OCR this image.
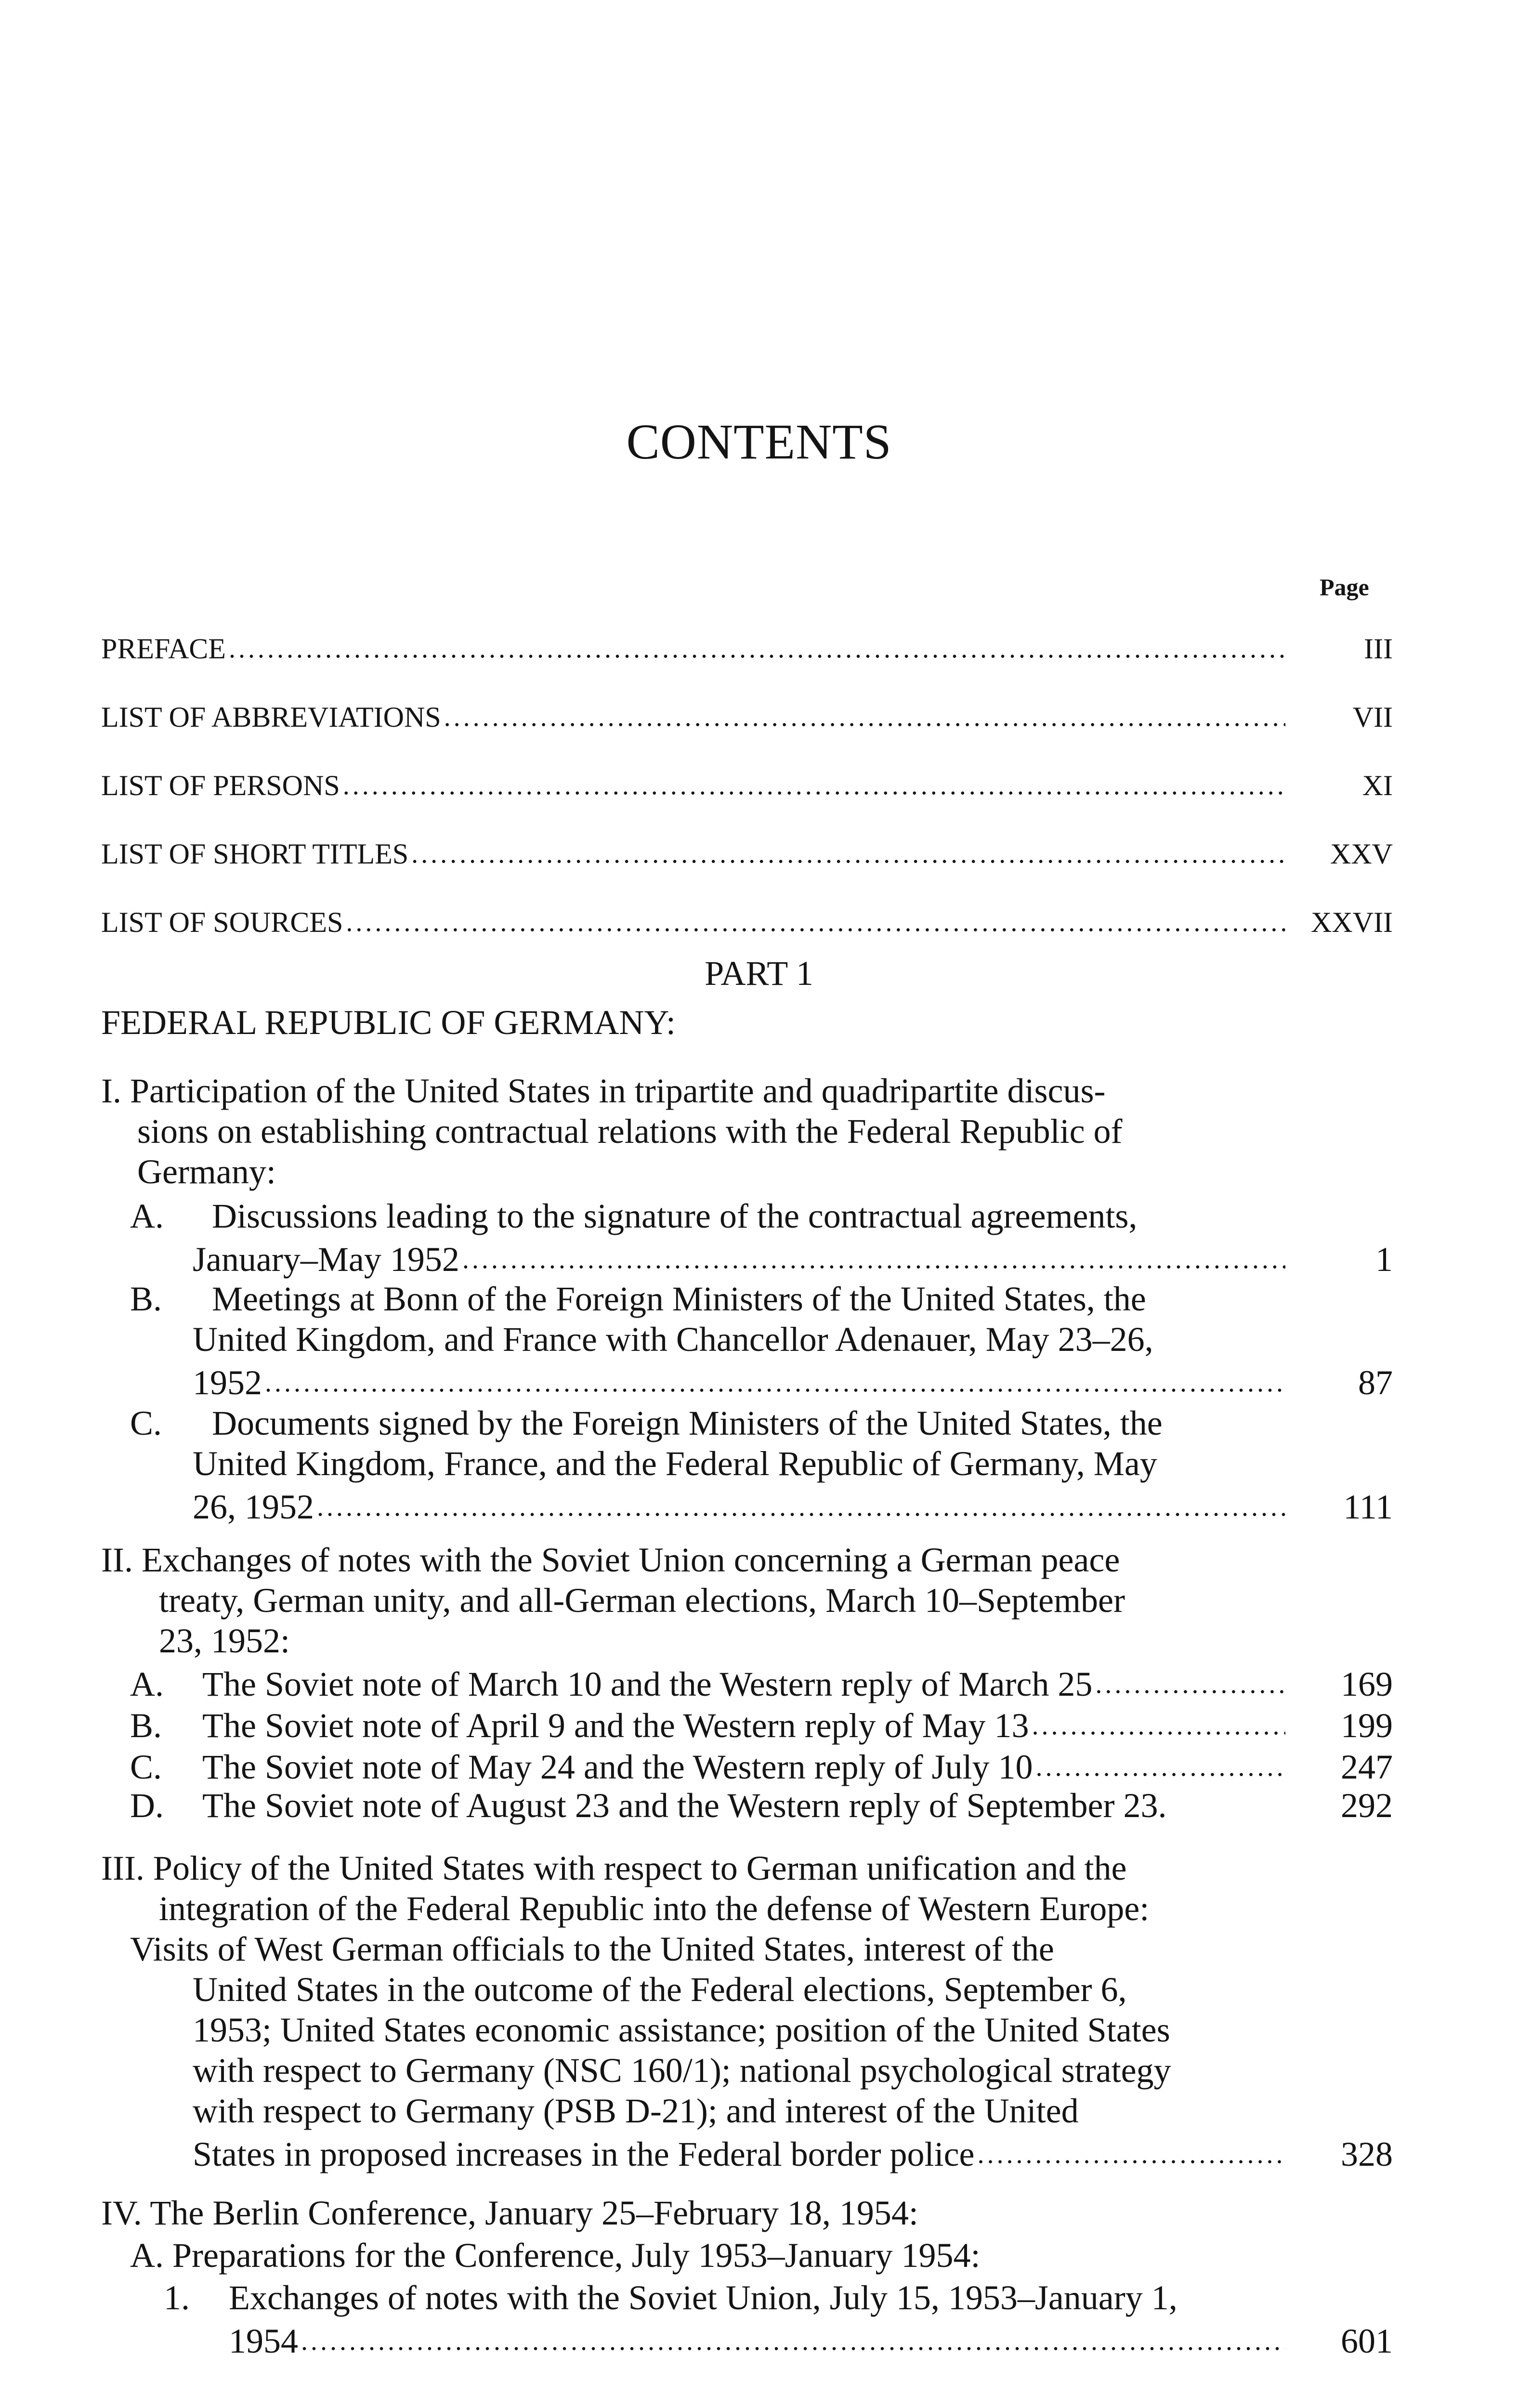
CONTENTS
Page
PREFACE .....	III
LIST OF ABBREVIATIONS .....	VII
LIST OF PERSONS .....	XI
LIST OF SHORT TITLES .....	XXV
LIST OF SOURCES .....	XXVII
PART 1
FEDERAL REPUBLIC OF GERMANY:
I. Participation of the United States in tripartite and quadripartite discus-
sions on establishing contractual relations with the Federal Republic of
Germany:
A. Discussions leading to the signature of the contractual agreements,
January–May 1952 .....	1
B. Meetings at Bonn of the Foreign Ministers of the United States, the
United Kingdom, and France with Chancellor Adenauer, May 23–26,
1952 .....	87
C. Documents signed by the Foreign Ministers of the United States, the
United Kingdom, France, and the Federal Republic of Germany, May
26, 1952 .....	111
II. Exchanges of notes with the Soviet Union concerning a German peace
treaty, German unity, and all-German elections, March 10–September
23, 1952:
A.	The Soviet note of March 10 and the Western reply of March 25 .....	169
B.	The Soviet note of April 9 and the Western reply of May 13 .....	199
C.	The Soviet note of May 24 and the Western reply of July 10 .....	247
D.	The Soviet note of August 23 and the Western reply of September 23.	292
III. Policy of the United States with respect to German unification and the
integration of the Federal Republic into the defense of Western Europe:
Visits of West German officials to the United States, interest of the
United States in the outcome of the Federal elections, September 6,
1953; United States economic assistance; position of the United States
with respect to Germany (NSC 160/1); national psychological strategy
with respect to Germany (PSB D-21); and interest of the United
States in proposed increases in the Federal border police .....	328
IV. The Berlin Conference, January 25–February 18, 1954:
A. Preparations for the Conference, July 1953–January 1954:
1. Exchanges of notes with the Soviet Union, July 15, 1953–January 1,
1954 .....	601
